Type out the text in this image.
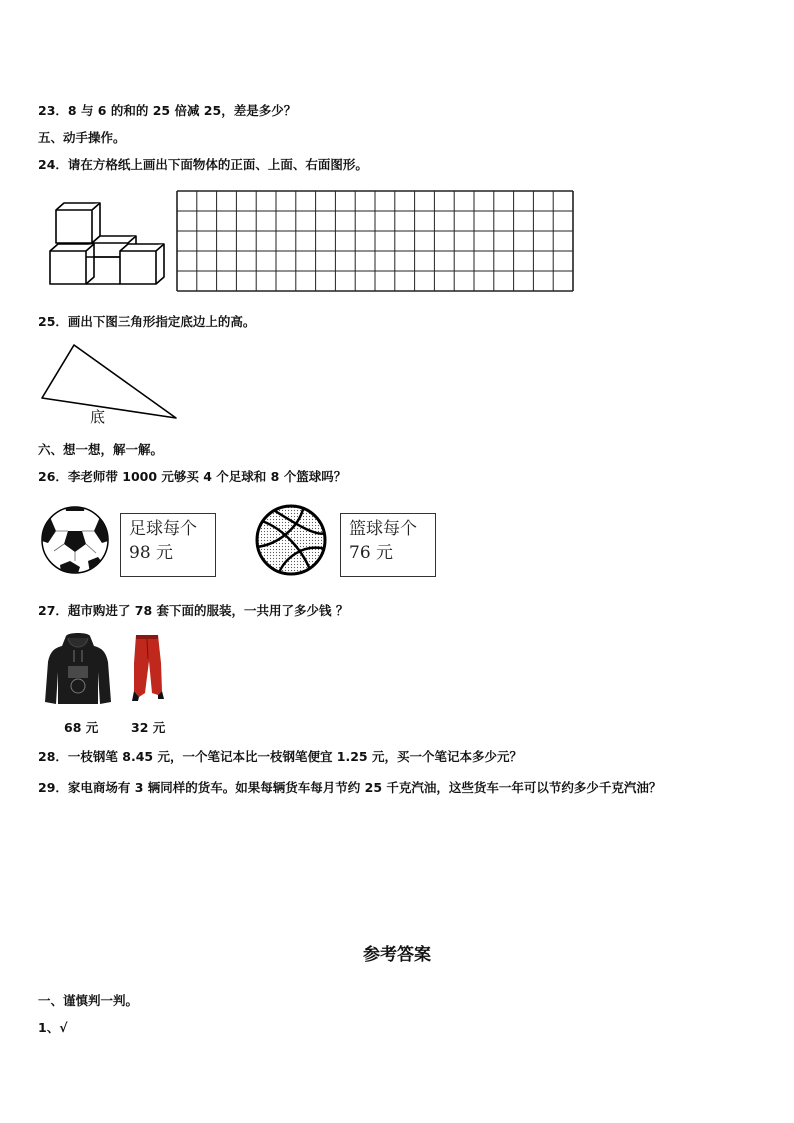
23．8 与 6 的和的 25 倍减 25，差是多少？
五、动手操作。
24．请在方格纸上画出下面物体的正面、上面、右面图形。
25．画出下图三角形指定底边上的高。
底
六、想一想，解一解。
26．李老师带 1000 元够买 4 个足球和 8 个篮球吗？
足球每个
98 元
篮球每个
76 元
27．超市购进了 78 套下面的服装，一共用了多少钱 ？
68 元	32 元
28．一枝钢笔 8.45 元，一个笔记本比一枝钢笔便宜 1.25 元，买一个笔记本多少元？
29．家电商场有 3 辆同样的货车。如果每辆货车每月节约 25 千克汽油，这些货车一年可以节约多少千克汽油？
参考答案
一、谨慎判一判。
1、√
